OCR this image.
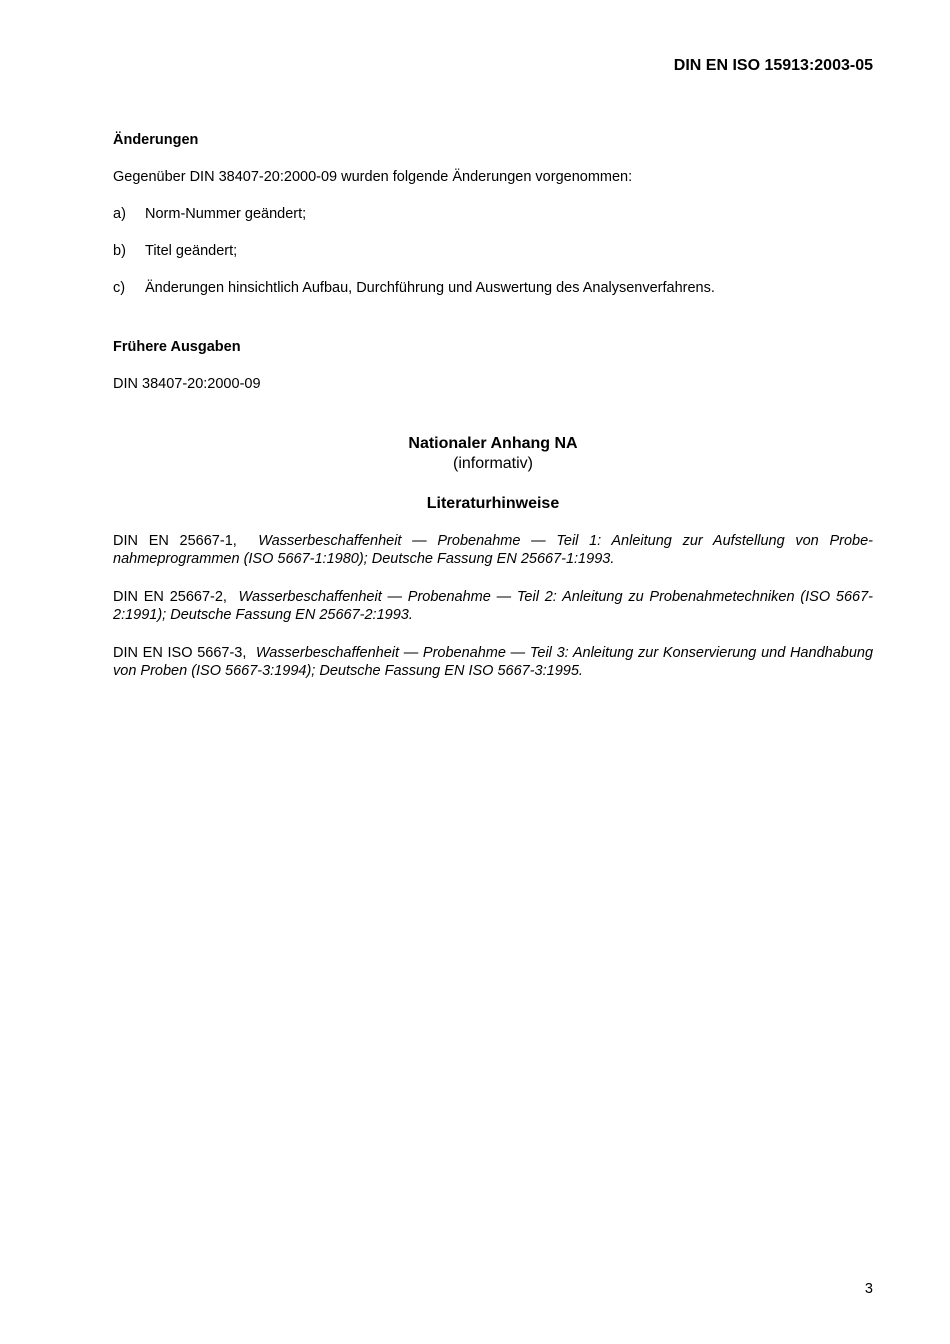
DIN EN ISO 15913:2003-05

Änderungen

Gegenüber DIN 38407-20:2000-09 wurden folgende Änderungen vorgenommen:

a)	Norm-Nummer geändert;
b)	Titel geändert;
c)	Änderungen hinsichtlich Aufbau, Durchführung und Auswertung des Analysenverfahrens.

Frühere Ausgaben

DIN 38407-20:2000-09

Nationaler Anhang NA

(informativ)

Literaturhinweise

DIN EN 25667-1, Wasserbeschaffenheit — Probenahme — Teil 1: Anleitung zur Aufstellung von Probenahmeprogrammen (ISO 5667-1:1980); Deutsche Fassung EN 25667-1:1993.

DIN EN 25667-2, Wasserbeschaffenheit — Probenahme — Teil 2: Anleitung zu Probenahmetechniken (ISO 5667-2:1991); Deutsche Fassung EN 25667-2:1993.

DIN EN ISO 5667-3, Wasserbeschaffenheit — Probenahme — Teil 3: Anleitung zur Konservierung und Handhabung von Proben (ISO 5667-3:1994); Deutsche Fassung EN ISO 5667-3:1995.

3
